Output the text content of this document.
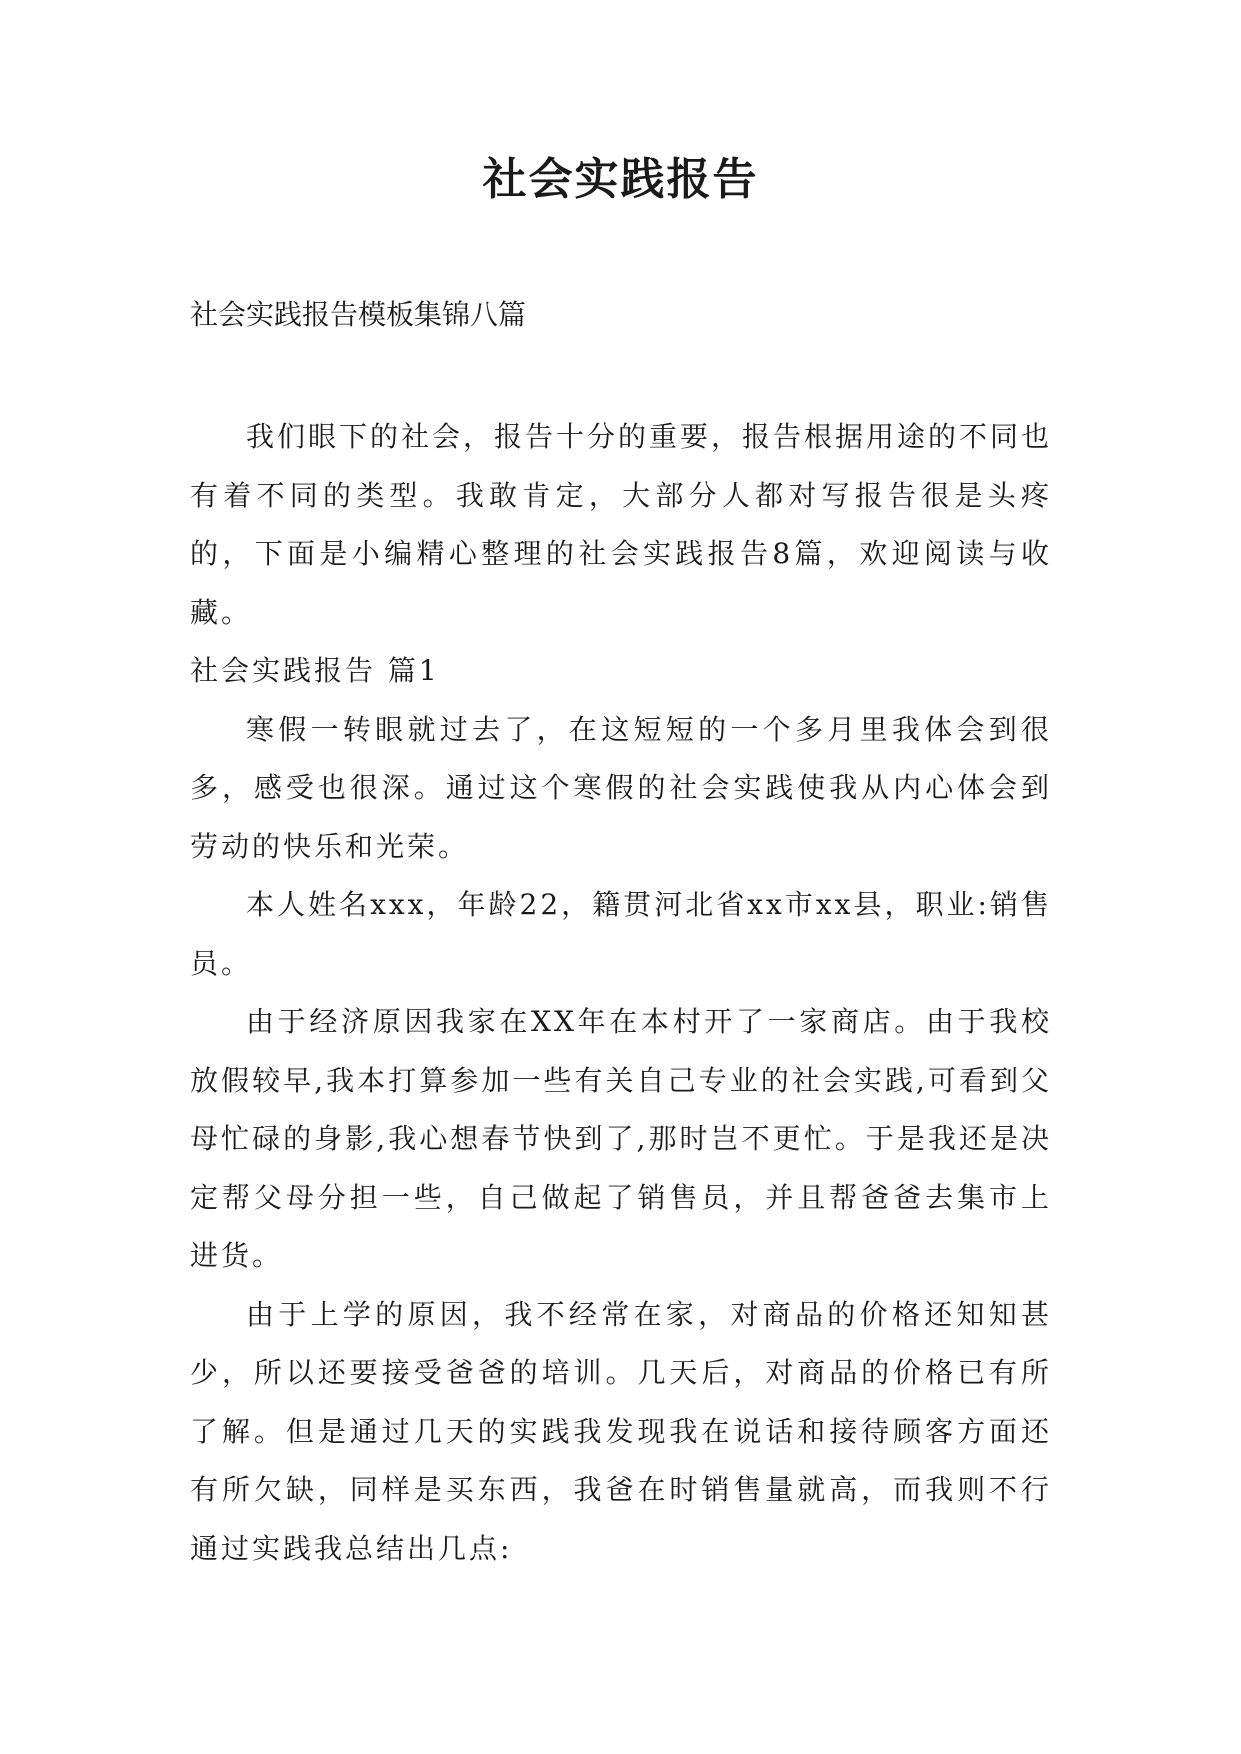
社会实践报告

社会实践报告模板集锦八篇

我们眼下的社会，报告十分的重要，报告根据用途的不同也有着不同的类型。我敢肯定，大部分人都对写报告很是头疼的，下面是小编精心整理的社会实践报告8篇，欢迎阅读与收藏。

社会实践报告 篇1

寒假一转眼就过去了，在这短短的一个多月里我体会到很多，感受也很深。通过这个寒假的社会实践使我从内心体会到劳动的快乐和光荣。

本人姓名xxx，年龄22，籍贯河北省xx市xx县，职业:销售员。

由于经济原因我家在XX年在本村开了一家商店。由于我校放假较早,我本打算参加一些有关自己专业的社会实践,可看到父母忙碌的身影,我心想春节快到了,那时岂不更忙。于是我还是决定帮父母分担一些，自己做起了销售员，并且帮爸爸去集市上进货。

由于上学的原因，我不经常在家，对商品的价格还知知甚少，所以还要接受爸爸的培训。几天后，对商品的价格已有所了解。但是通过几天的实践我发现我在说话和接待顾客方面还有所欠缺，同样是买东西，我爸在时销售量就高，而我则不行通过实践我总结出几点:
